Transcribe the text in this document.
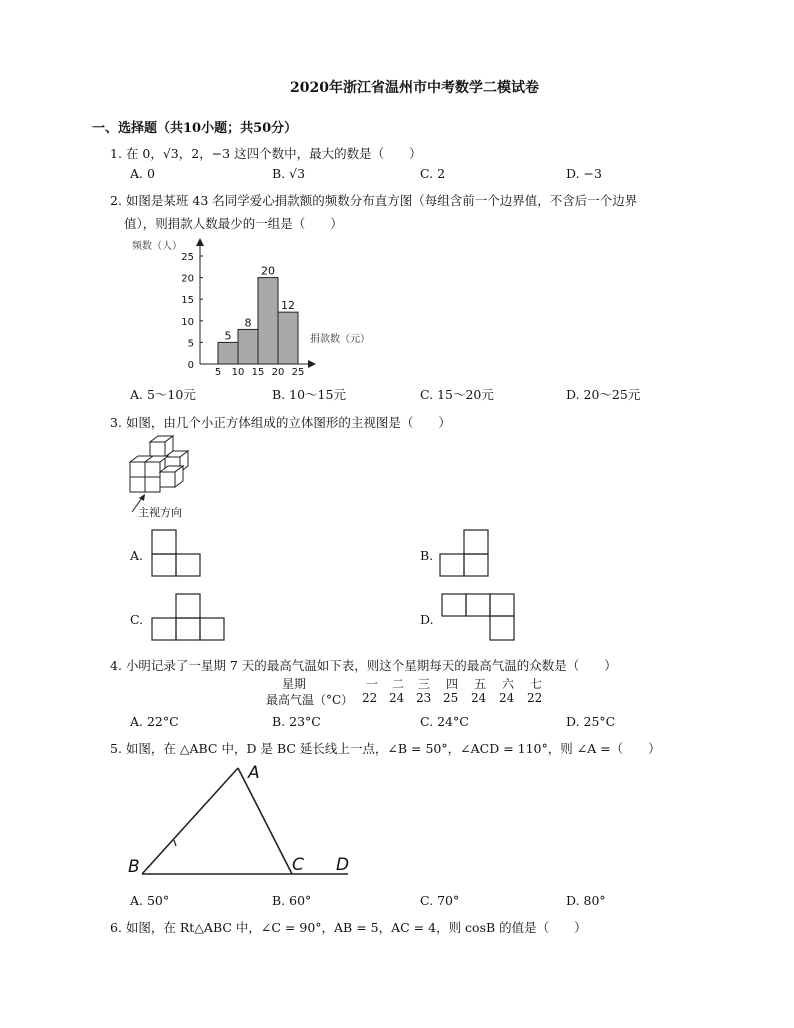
2020年浙江省温州市中考数学二模试卷
一、选择题（共10小题；共50分）
1. 在 0，√3，2，−3 这四个数中，最大的数是（　　）
A. 0	B. √3	C. 2	D. −3
2. 如图是某班 43 名同学爱心捐款额的频数分布直方图（每组含前一个边界值，不含后一个边界
值），则捐款人数最少的一组是（　　）
频数（人）
捐款数（元）
0
5
10
15
20
25
5 10 15 20 25
5
8
20
12
A. 5～10元	B. 10～15元	C. 15～20元	D. 20～25元
3. 如图，由几个小正方体组成的立体图形的主视图是（　　）
主视方向
A.	B.
C.	D.
4. 小明记录了一星期 7 天的最高气温如下表，则这个星期每天的最高气温的众数是（　　）
星期	一 二 三 四 五 六 七
最高气温（°C） 22 24 23 25 24 24 22
A. 22°C	B. 23°C	C. 24°C	D. 25°C
5. 如图，在 △ABC 中，D 是 BC 延长线上一点，∠B = 50°，∠ACD = 110°，则 ∠A =（　　）
A
B	C D
A. 50°	B. 60°	C. 70°	D. 80°
6. 如图，在 Rt△ABC 中，∠C = 90°，AB = 5，AC = 4，则 cosB 的值是（　　）
